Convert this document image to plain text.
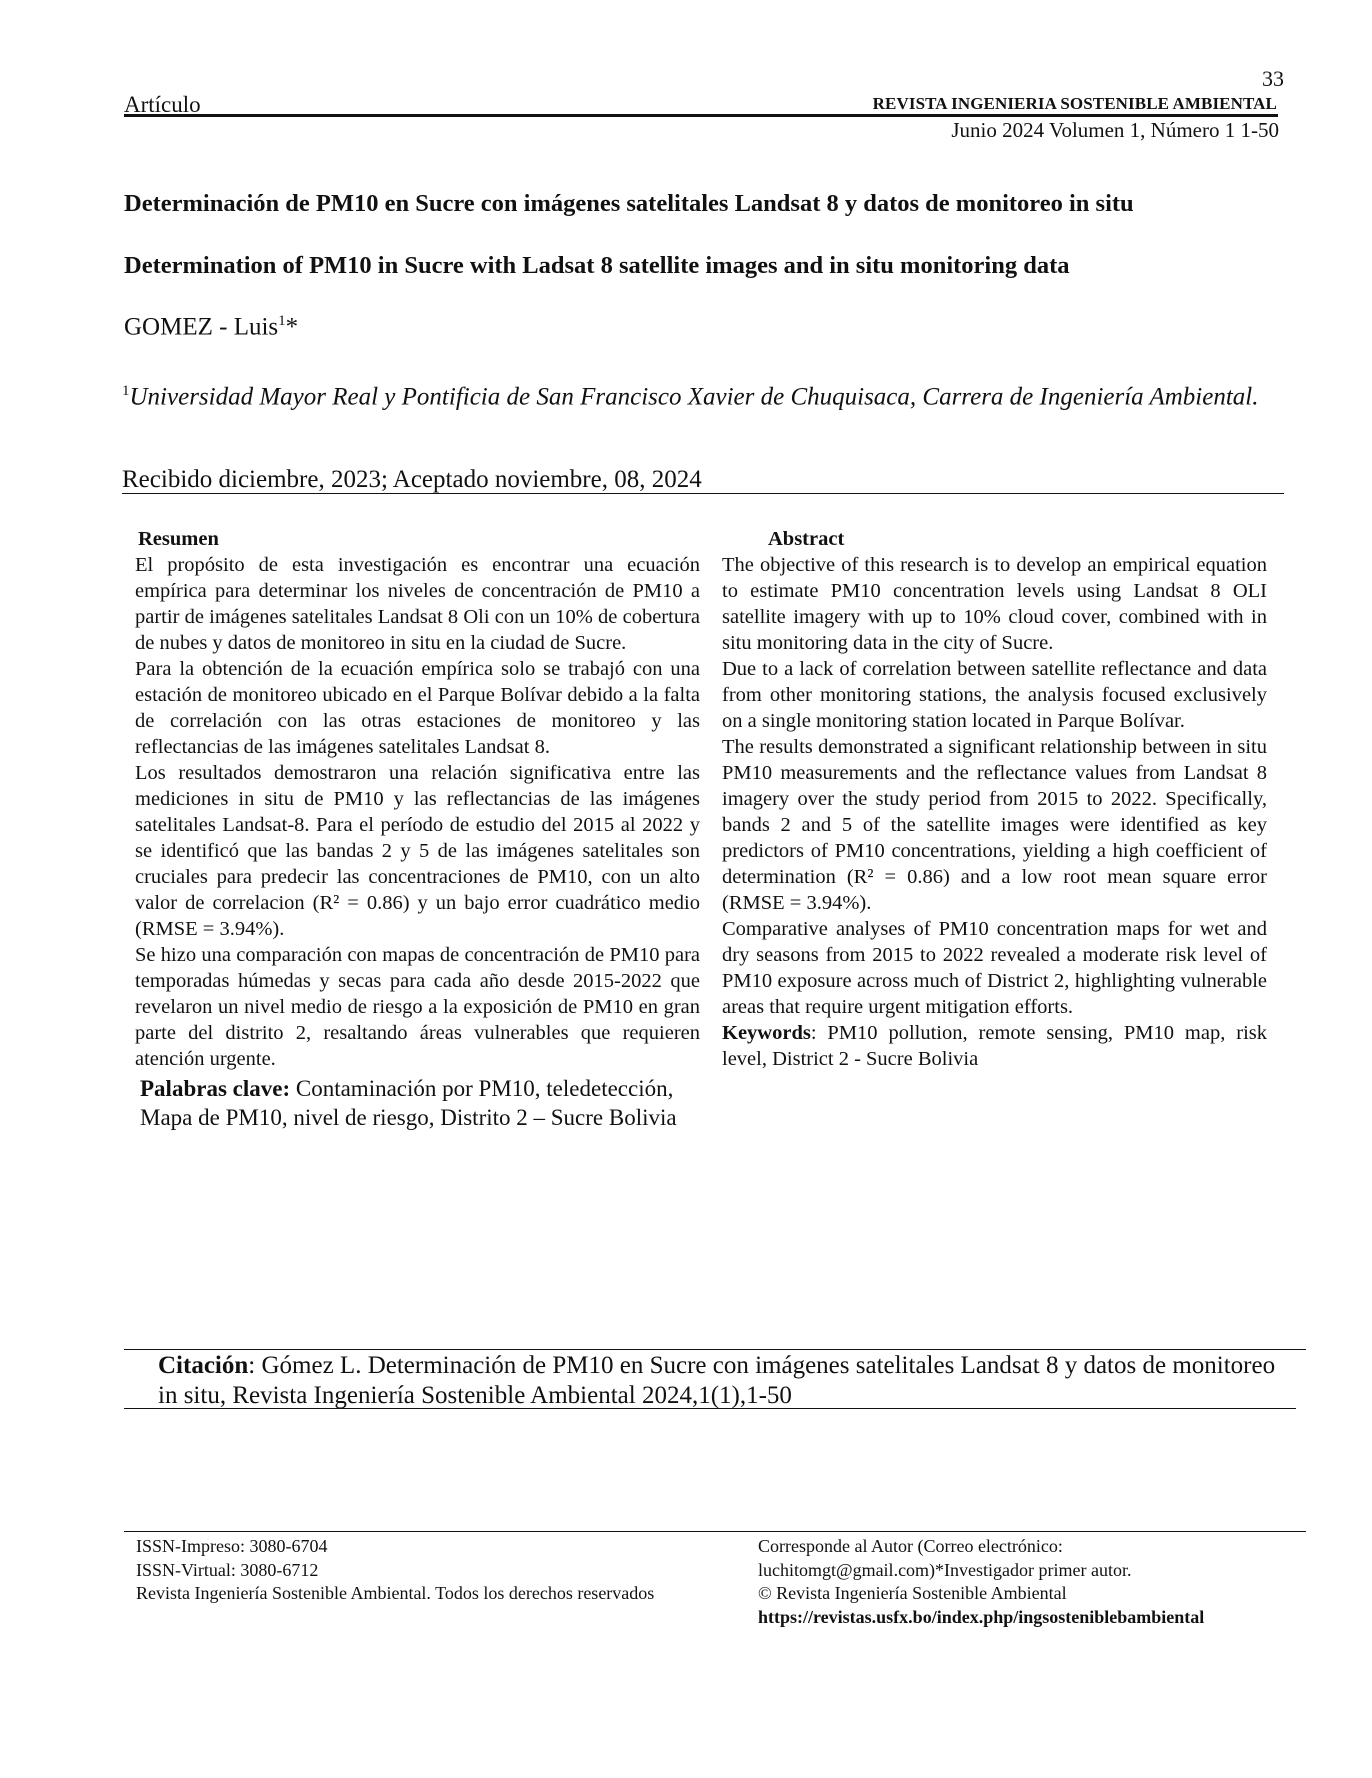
33
Artículo	REVISTA INGENIERIA SOSTENIBLE AMBIENTAL
Junio 2024 Volumen 1, Número 1 1-50
Determinación de PM10 en Sucre con imágenes satelitales Landsat 8 y datos de monitoreo in situ
Determination of PM10 in Sucre with Ladsat 8 satellite images and in situ monitoring data
GOMEZ - Luis$^1$*
$^1$Universidad Mayor Real y Pontificia de San Francisco Xavier de Chuquisaca, Carrera de Ingeniería Ambiental.
Recibido diciembre, 2023; Aceptado noviembre, 08, 2024
Resumen

El propósito de esta investigación es encontrar una ecuación empírica para determinar los niveles de concentración de PM10 a partir de imágenes satelitales Landsat 8 Oli con un 10% de cobertura de nubes y datos de monitoreo in situ en la ciudad de Sucre.

Para la obtención de la ecuación empírica solo se trabajó con una estación de monitoreo ubicado en el Parque Bolívar debido a la falta de correlación con las otras estaciones de monitoreo y las reflectancias de las imágenes satelitales Landsat 8.

Los resultados demostraron una relación significativa entre las mediciones in situ de PM10 y las reflectancias de las imágenes satelitales Landsat-8. Para el período de estudio del 2015 al 2022 y se identificó que las bandas 2 y 5 de las imágenes satelitales son cruciales para predecir las concentraciones de PM10, con un alto valor de correlacion (R² = 0.86) y un bajo error cuadrático medio (RMSE = 3.94%).

Se hizo una comparación con mapas de concentración de PM10 para temporadas húmedas y secas para cada año desde 2015-2022 que revelaron un nivel medio de riesgo a la exposición de PM10 en gran parte del distrito 2, resaltando áreas vulnerables que requieren atención urgente.

Palabras clave: Contaminación por PM10, teledetección, Mapa de PM10, nivel de riesgo, Distrito 2 – Sucre Bolivia
Abstract

The objective of this research is to develop an empirical equation to estimate PM10 concentration levels using Landsat 8 OLI satellite imagery with up to 10% cloud cover, combined with in situ monitoring data in the city of Sucre.

Due to a lack of correlation between satellite reflectance and data from other monitoring stations, the analysis focused exclusively on a single monitoring station located in Parque Bolívar.

The results demonstrated a significant relationship between in situ PM10 measurements and the reflectance values from Landsat 8 imagery over the study period from 2015 to 2022. Specifically, bands 2 and 5 of the satellite images were identified as key predictors of PM10 concentrations, yielding a high coefficient of determination (R² = 0.86) and a low root mean square error (RMSE = 3.94%).

Comparative analyses of PM10 concentration maps for wet and dry seasons from 2015 to 2022 revealed a moderate risk level of PM10 exposure across much of District 2, highlighting vulnerable areas that require urgent mitigation efforts.

Keywords: PM10 pollution, remote sensing, PM10 map, risk level, District 2 - Sucre Bolivia

Citación: Gómez L. Determinación de PM10 en Sucre con imágenes satelitales Landsat 8 y datos de monitoreo in situ, Revista Ingeniería Sostenible Ambiental 2024,1(1),1-50
ISSN-Impreso: 3080-6704
ISSN-Virtual: 3080-6712
Revista Ingeniería Sostenible Ambiental. Todos los derechos reservados
Corresponde al Autor (Correo electrónico: luchitomgt@gmail.com)*Investigador primer autor.
© Revista Ingeniería Sostenible Ambiental
https://revistas.usfx.bo/index.php/ingsosteniblebambiental
